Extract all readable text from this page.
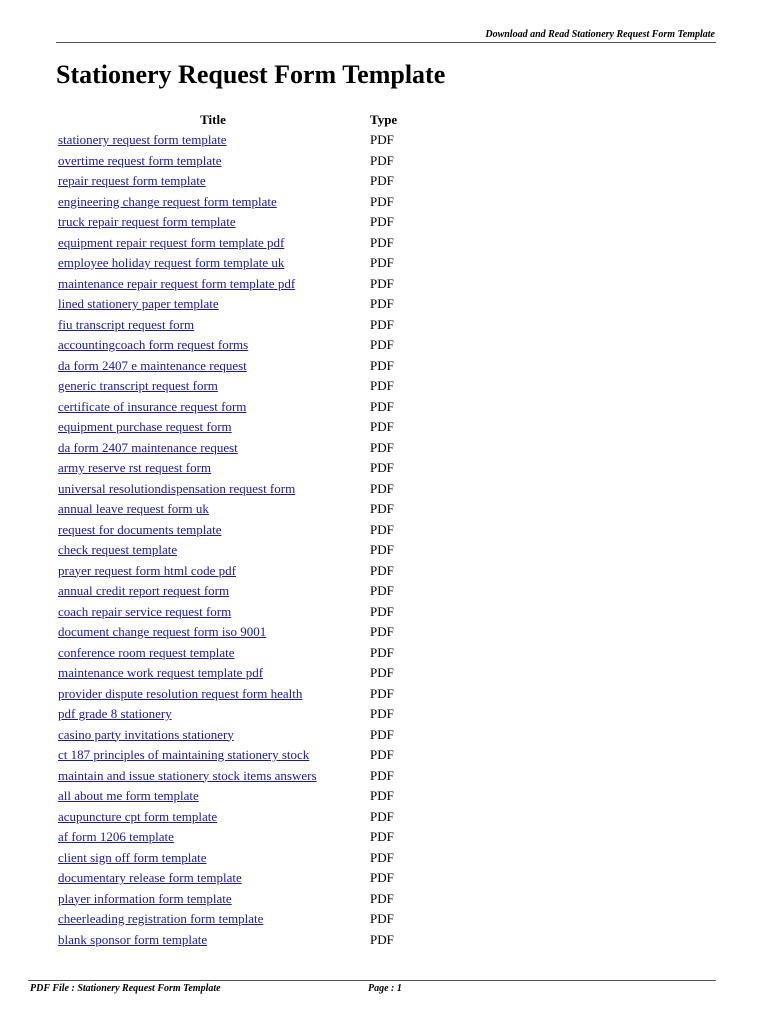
Download and Read Stationery Request Form Template
Stationery Request Form Template
Title	Type
stationery request form template	PDF
overtime request form template	PDF
repair request form template	PDF
engineering change request form template	PDF
truck repair request form template	PDF
equipment repair request form template pdf	PDF
employee holiday request form template uk	PDF
maintenance repair request form template pdf	PDF
lined stationery paper template	PDF
fiu transcript request form	PDF
accountingcoach form request forms	PDF
da form 2407 e maintenance request	PDF
generic transcript request form	PDF
certificate of insurance request form	PDF
equipment purchase request form	PDF
da form 2407 maintenance request	PDF
army reserve rst request form	PDF
universal resolutiondispensation request form	PDF
annual leave request form uk	PDF
request for documents template	PDF
check request template	PDF
prayer request form html code pdf	PDF
annual credit report request form	PDF
coach repair service request form	PDF
document change request form iso 9001	PDF
conference room request template	PDF
maintenance work request template pdf	PDF
provider dispute resolution request form health	PDF
pdf grade 8 stationery	PDF
casino party invitations stationery	PDF
ct 187 principles of maintaining stationery stock	PDF
maintain and issue stationery stock items answers	PDF
all about me form template	PDF
acupuncture cpt form template	PDF
af form 1206 template	PDF
client sign off form template	PDF
documentary release form template	PDF
player information form template	PDF
cheerleading registration form template	PDF
blank sponsor form template	PDF
PDF File : Stationery Request Form Template	Page : 1
